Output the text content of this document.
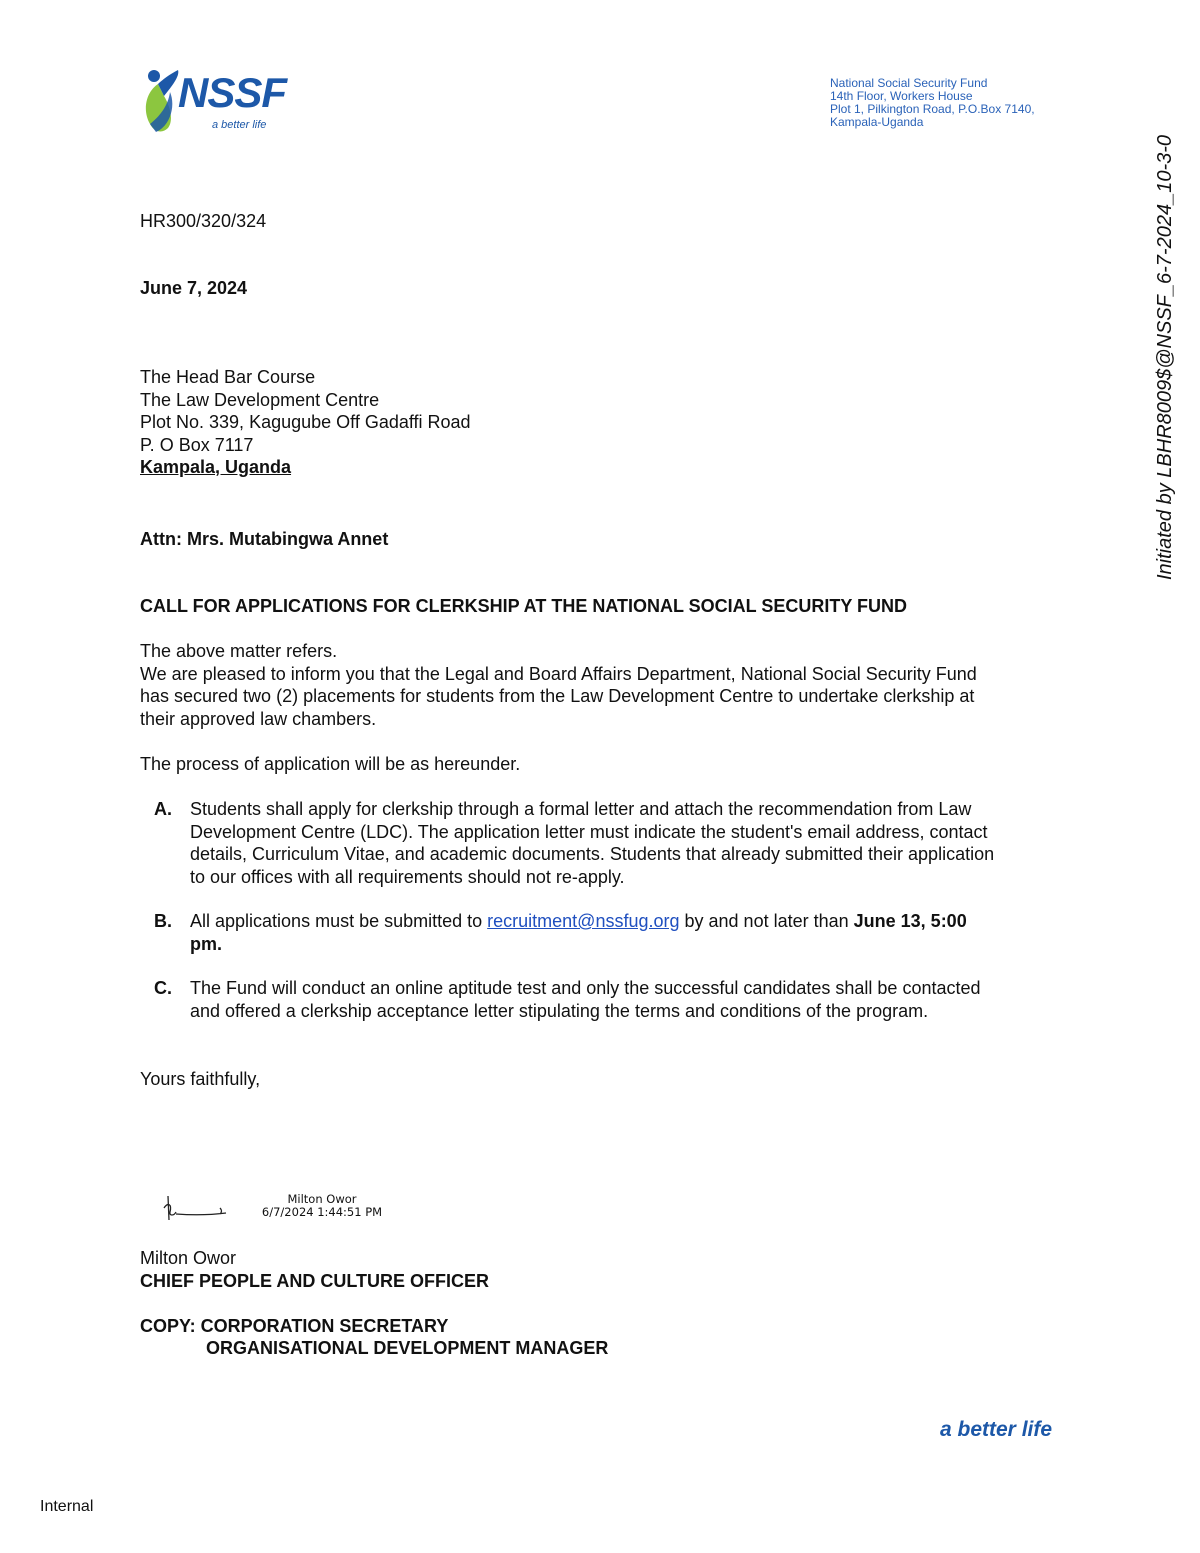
NSSF
a better life
National Social Security Fund
14th Floor, Workers House
Plot 1, Pilkington Road, P.O.Box 7140,
Kampala-Uganda
Initiated by LBHR8009$@NSSF_6-7-2024_10-3-0
HR300/320/324
June 7, 2024
The Head Bar Course
The Law Development Centre
Plot No. 339, Kagugube Off Gadaffi Road
P. O Box 7117
Kampala, Uganda
Attn: Mrs. Mutabingwa Annet
CALL FOR APPLICATIONS FOR CLERKSHIP AT THE NATIONAL SOCIAL SECURITY FUND
The above matter refers.
We are pleased to inform you that the Legal and Board Affairs Department, National Social Security Fund
has secured two (2) placements for students from the Law Development Centre to undertake clerkship at
their approved law chambers.
The process of application will be as hereunder.
A. Students shall apply for clerkship through a formal letter and attach the recommendation from Law
Development Centre (LDC). The application letter must indicate the student's email address, contact
details, Curriculum Vitae, and academic documents. Students that already submitted their application
to our offices with all requirements should not re-apply.
B. All applications must be submitted to recruitment@nssfug.org by and not later than June 13, 5:00
pm.
C. The Fund will conduct an online aptitude test and only the successful candidates shall be contacted
and offered a clerkship acceptance letter stipulating the terms and conditions of the program.
Yours faithfully,
Milton Owor
6/7/2024 1:44:51 PM
Milton Owor
CHIEF PEOPLE AND CULTURE OFFICER
COPY: CORPORATION SECRETARY
ORGANISATIONAL DEVELOPMENT MANAGER
a better life
Internal
